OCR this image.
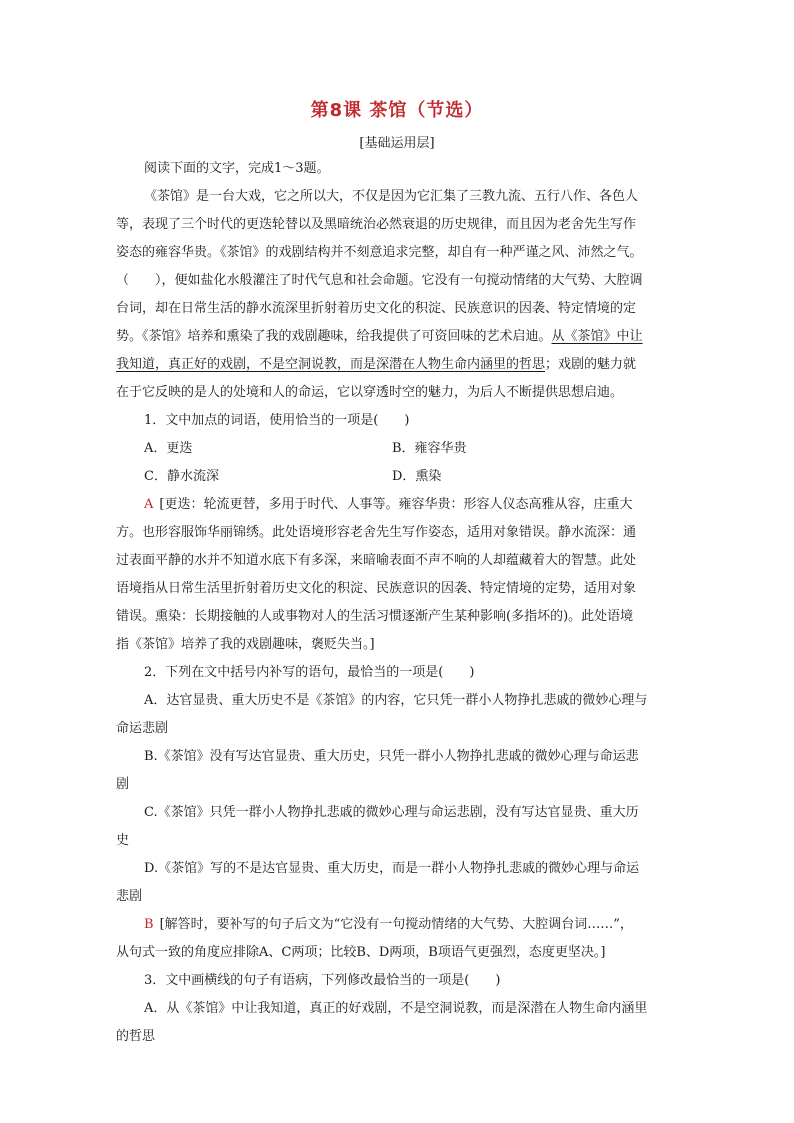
第8课 茶馆（节选）
[基础运用层]
阅读下面的文字，完成1～3题。
《茶馆》是一台大戏，它之所以大，不仅是因为它汇集了三教九流、五行八作、各色人
等，表现了三个时代的更迭轮替以及黑暗统治必然衰退的历史规律，而且因为老舍先生写作
姿态的雍容华贵。《茶馆》的戏剧结构并不刻意追求完整，却自有一种严谨之风、沛然之气。
（　　），便如盐化水般灌注了时代气息和社会命题。它没有一句搅动情绪的大气势、大腔调
台词，却在日常生活的静水流深里折射着历史文化的积淀、民族意识的因袭、特定情境的定
势。《茶馆》培养和熏染了我的戏剧趣味，给我提供了可资回味的艺术启迪。从《茶馆》中让
我知道，真正好的戏剧，不是空洞说教，而是深潜在人物生命内涵里的哲思；戏剧的魅力就
在于它反映的是人的处境和人的命运，它以穿透时空的魅力，为后人不断提供思想启迪。
1．文中加点的词语，使用恰当的一项是(　　)
A．更迭	B．雍容华贵
C．静水流深	D．熏染
A [更迭：轮流更替，多用于时代、人事等。雍容华贵：形容人仪态高雅从容，庄重大
方。也形容服饰华丽锦绣。此处语境形容老舍先生写作姿态，适用对象错误。静水流深：通
过表面平静的水并不知道水底下有多深，来暗喻表面不声不响的人却蕴藏着大的智慧。此处
语境指从日常生活里折射着历史文化的积淀、民族意识的因袭、特定情境的定势，适用对象
错误。熏染：长期接触的人或事物对人的生活习惯逐渐产生某种影响(多指坏的)。此处语境
指《茶馆》培养了我的戏剧趣味，褒贬失当。]
2．下列在文中括号内补写的语句，最恰当的一项是(　　)
A．达官显贵、重大历史不是《茶馆》的内容，它只凭一群小人物挣扎悲戚的微妙心理与
命运悲剧
B.《茶馆》没有写达官显贵、重大历史，只凭一群小人物挣扎悲戚的微妙心理与命运悲
剧
C.《茶馆》只凭一群小人物挣扎悲戚的微妙心理与命运悲剧，没有写达官显贵、重大历
史
D.《茶馆》写的不是达官显贵、重大历史，而是一群小人物挣扎悲戚的微妙心理与命运
悲剧
B [解答时，要补写的句子后文为“它没有一句搅动情绪的大气势、大腔调台词……”，
从句式一致的角度应排除A、C两项；比较B、D两项，B项语气更强烈，态度更坚决。]
3．文中画横线的句子有语病，下列修改最恰当的一项是(　　)
A．从《茶馆》中让我知道，真正的好戏剧，不是空洞说教，而是深潜在人物生命内涵里
的哲思
